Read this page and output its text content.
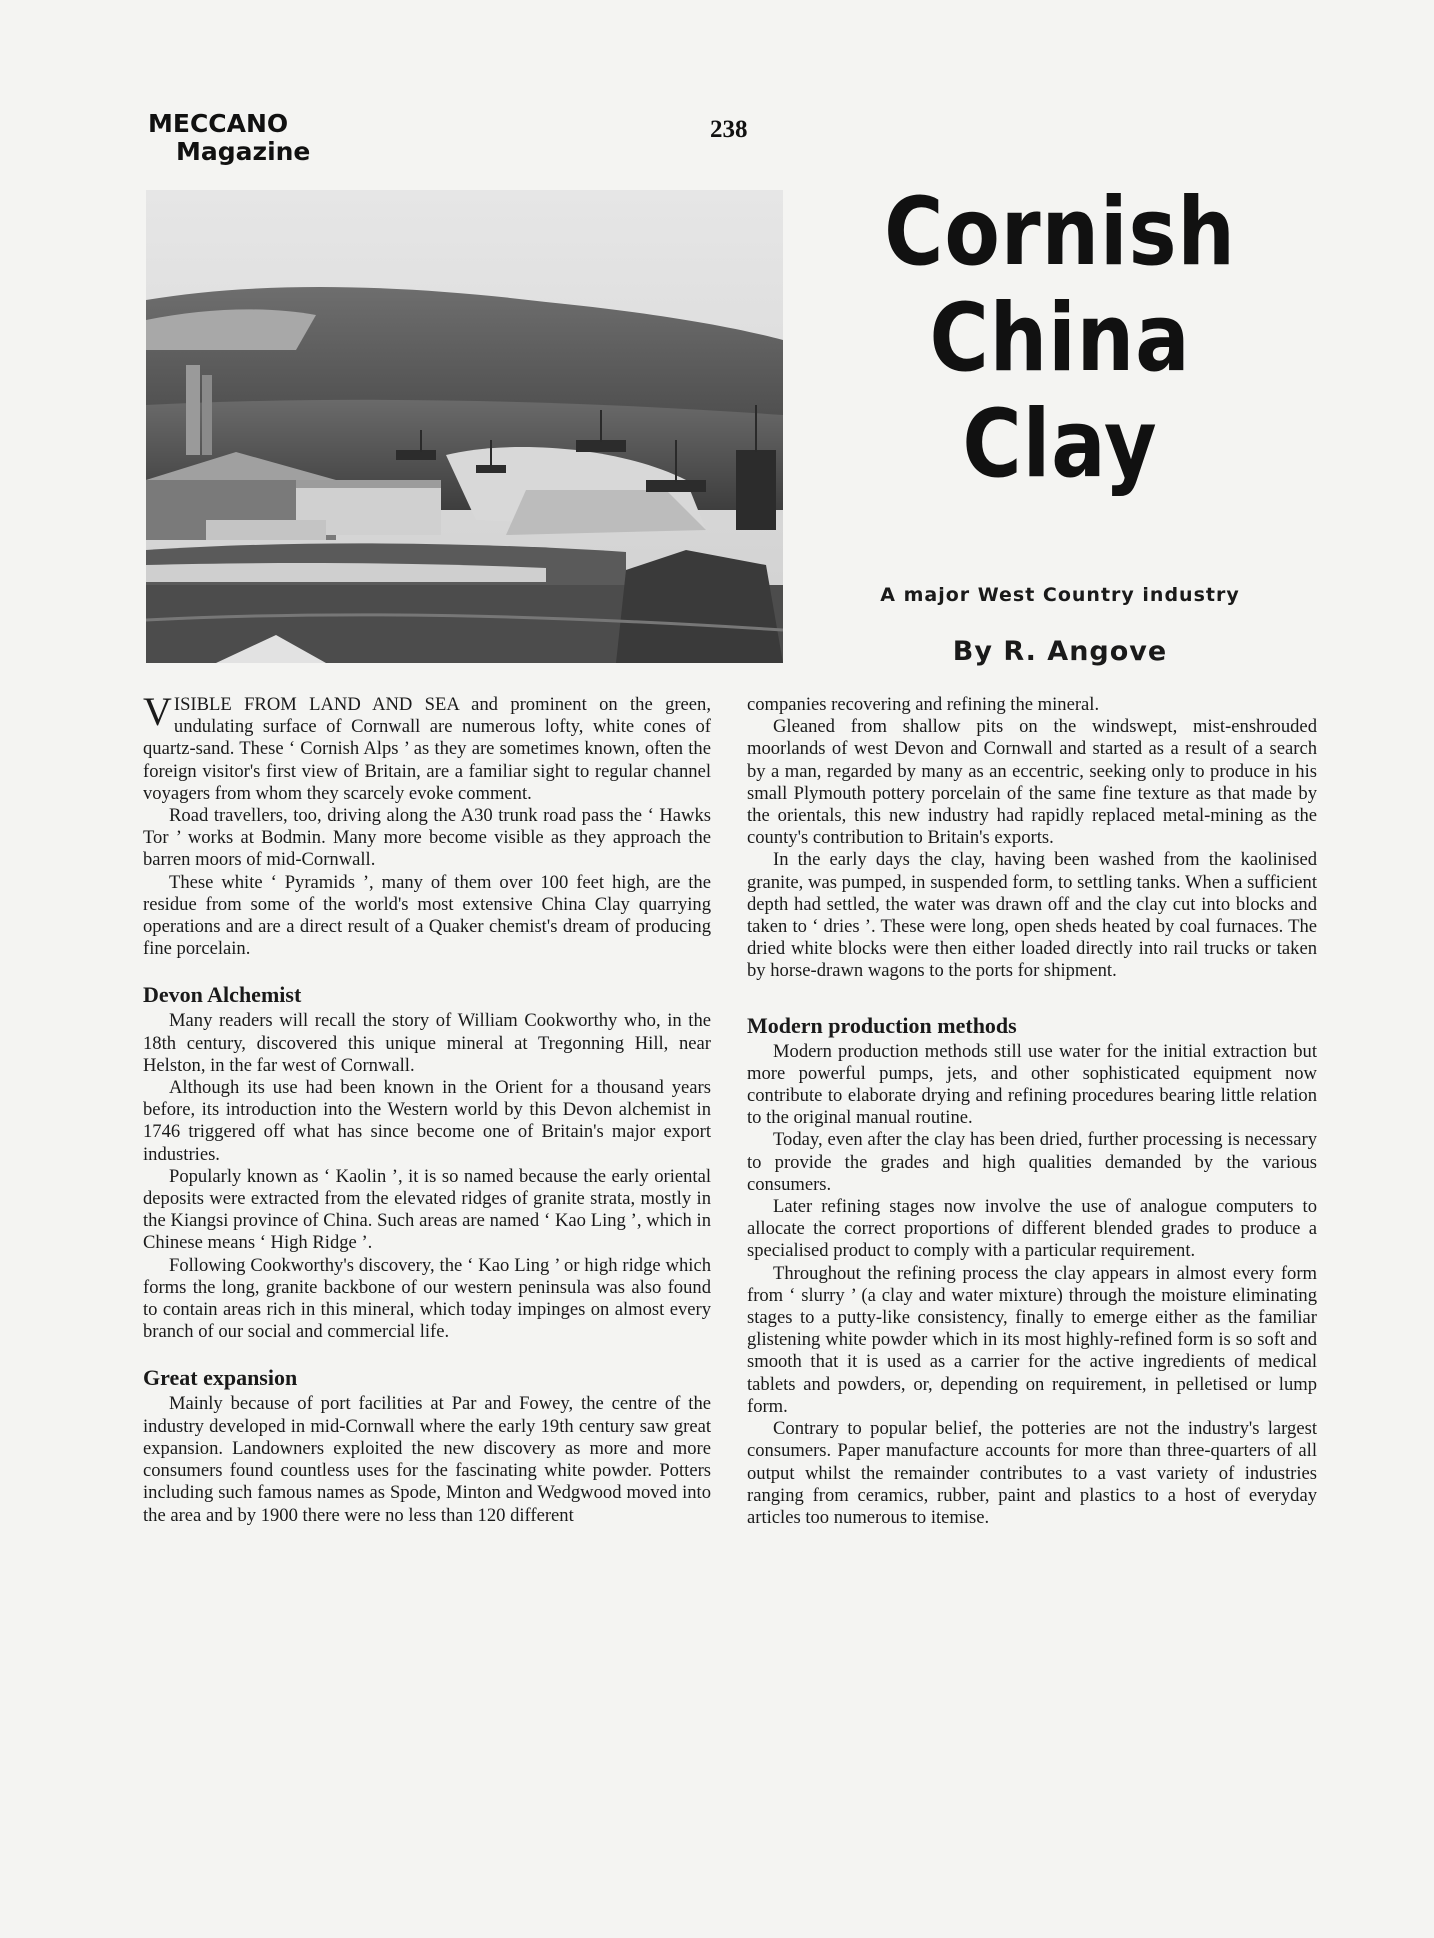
MECCANO
Magazine
238
Cornish
China
Clay
A major West Country industry
By R. Angove

VISIBLE FROM LAND AND SEA and prominent on the green, undulating surface of Cornwall are numerous lofty, white cones of quartz-sand. These ‘ Cornish Alps ’ as they are sometimes known, often the foreign visitor's first view of Britain, are a familiar sight to regular channel voyagers from whom they scarcely evoke comment.

Road travellers, too, driving along the A30 trunk road pass the ‘ Hawks Tor ’ works at Bodmin. Many more become visible as they approach the barren moors of mid-Cornwall.

These white ‘ Pyramids ’, many of them over 100 feet high, are the residue from some of the world's most extensive China Clay quarrying operations and are a direct result of a Quaker chemist's dream of producing fine porcelain.

Devon Alchemist

Many readers will recall the story of William Cookworthy who, in the 18th century, discovered this unique mineral at Tregonning Hill, near Helston, in the far west of Cornwall.

Although its use had been known in the Orient for a thousand years before, its introduction into the Western world by this Devon alchemist in 1746 triggered off what has since become one of Britain's major export industries.

Popularly known as ‘ Kaolin ’, it is so named because the early oriental deposits were extracted from the elevated ridges of granite strata, mostly in the Kiangsi province of China. Such areas are named ‘ Kao Ling ’, which in Chinese means ‘ High Ridge ’.

Following Cookworthy's discovery, the ‘ Kao Ling ’ or high ridge which forms the long, granite backbone of our western peninsula was also found to contain areas rich in this mineral, which today impinges on almost every branch of our social and commercial life.

Great expansion

Mainly because of port facilities at Par and Fowey, the centre of the industry developed in mid-Cornwall where the early 19th century saw great expansion. Landowners exploited the new discovery as more and more consumers found countless uses for the fascinating white powder. Potters including such famous names as Spode, Minton and Wedgwood moved into the area and by 1900 there were no less than 120 different

companies recovering and refining the mineral.

Gleaned from shallow pits on the windswept, mist-enshrouded moorlands of west Devon and Cornwall and started as a result of a search by a man, regarded by many as an eccentric, seeking only to produce in his small Plymouth pottery porcelain of the same fine texture as that made by the orientals, this new industry had rapidly replaced metal-mining as the county's contribution to Britain's exports.

In the early days the clay, having been washed from the kaolinised granite, was pumped, in suspended form, to settling tanks. When a sufficient depth had settled, the water was drawn off and the clay cut into blocks and taken to ‘ dries ’. These were long, open sheds heated by coal furnaces. The dried white blocks were then either loaded directly into rail trucks or taken by horse-drawn wagons to the ports for shipment.

Modern production methods

Modern production methods still use water for the initial extraction but more powerful pumps, jets, and other sophisticated equipment now contribute to elaborate drying and refining procedures bearing little relation to the original manual routine.

Today, even after the clay has been dried, further processing is necessary to provide the grades and high qualities demanded by the various consumers.

Later refining stages now involve the use of analogue computers to allocate the correct proportions of different blended grades to produce a specialised product to comply with a particular requirement.

Throughout the refining process the clay appears in almost every form from ‘ slurry ’ (a clay and water mixture) through the moisture eliminating stages to a putty-like consistency, finally to emerge either as the familiar glistening white powder which in its most highly-refined form is so soft and smooth that it is used as a carrier for the active ingredients of medical tablets and powders, or, depending on requirement, in pelletised or lump form.

Contrary to popular belief, the potteries are not the industry's largest consumers. Paper manufacture accounts for more than three-quarters of all output whilst the remainder contributes to a vast variety of industries ranging from ceramics, rubber, paint and plastics to a host of everyday articles too numerous to itemise.
